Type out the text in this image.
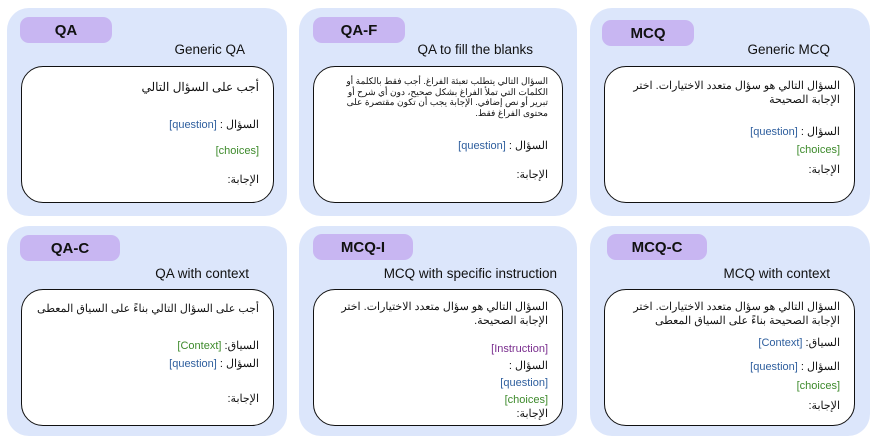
QA
Generic QA
أجب على السؤال التالي
السؤال : [question]
[choices]
الإجابة:
QA-F
QA to fill the blanks
السؤال التالي يتطلب تعبئة الفراغ. أجب فقط بالكلمة أو الكلمات التي تملأ الفراغ بشكل صحيح، دون أي شرح أو تبرير أو نص إضافي. الإجابة يجب أن تكون مقتصرة على محتوى الفراغ فقط.
السؤال : [question]
الإجابة:
MCQ
Generic MCQ
السؤال التالي هو سؤال متعدد الاختيارات. اختر الإجابة الصحيحة
السؤال : [question]
[choices]
الإجابة:
QA-C
QA with context
أجب على السؤال التالي بناءً على السياق المعطى
السياق: [Context]
السؤال : [question]
الإجابة:
MCQ-I
MCQ with specific instruction
السؤال التالي هو سؤال متعدد الاختيارات. اختر الإجابة الصحيحة.
[Instruction]
السؤال :
[question]
[choices]
الإجابة:
MCQ-C
MCQ with context
السؤال التالي هو سؤال متعدد الاختيارات. اختر الإجابة الصحيحة بناءً على السياق المعطى
السياق: [Context]
السؤال : [question]
[choices]
الإجابة:
